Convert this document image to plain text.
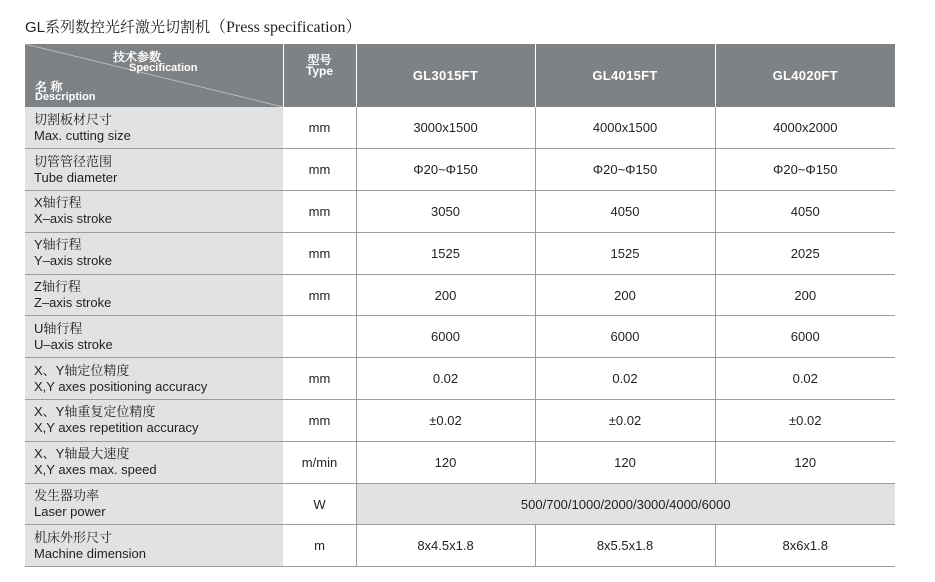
GL系列数控光纤激光切割机（Press specification）
技术参数
Specification
名 称
Description	型号
Type	GL3015FT	GL4015FT	GL4020FT

切割板材尺寸
Max. cutting size	mm	3000x1500	4000x1500	4000x2000

切管管径范围
Tube diameter	mm	Φ20~Φ150	Φ20~Φ150	Φ20~Φ150

X轴行程
X–axis stroke	mm	3050	4050	4050

Y轴行程
Y–axis stroke	mm	1525	1525	2025

Z轴行程
Z–axis stroke	mm	200	200	200

U轴行程
U–axis stroke		6000	6000	6000

X、Y轴定位精度
X,Y axes positioning accuracy	mm	0.02	0.02	0.02

X、Y轴重复定位精度
X,Y axes repetition accuracy	mm	±0.02	±0.02	±0.02

X、Y轴最大速度
X,Y axes max. speed	m/min	120	120	120

发生器功率
Laser power	W	500/700/1000/2000/3000/4000/6000		

机床外形尺寸
Machine dimension	m	8x4.5x1.8	8x5.5x1.8	8x6x1.8
